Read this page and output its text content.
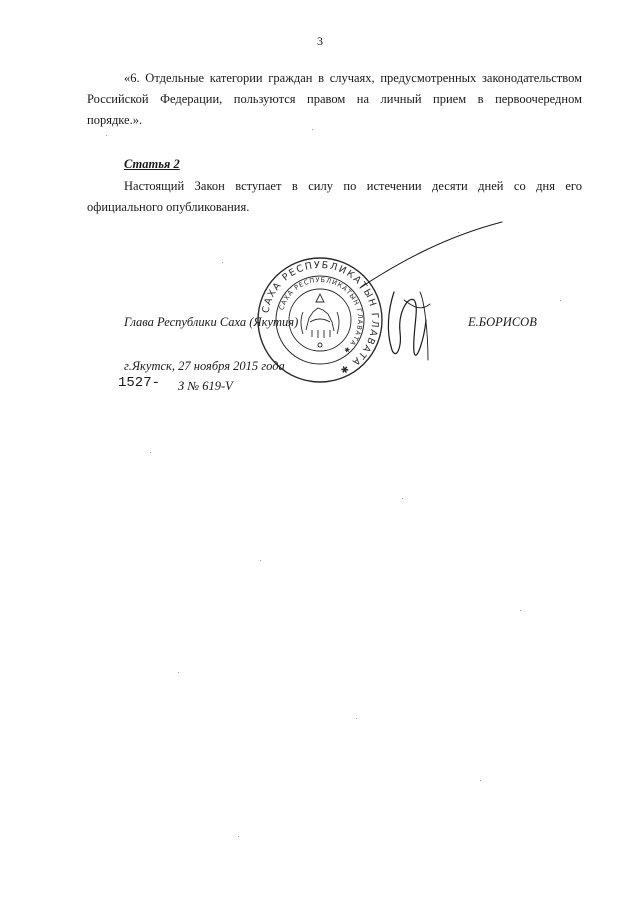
3
«6. Отдельные категории граждан в случаях, предусмотренных законодательством
Российской Федерации, пользуются правом на личный прием в первоочередном
порядке.».
Статья 2
Настоящий Закон вступает в силу по истечении десяти дней со дня его
официального опубликования.
Глава Республики Саха (Якутия)	Е.БОРИСОВ
г.Якутск, 27 ноября 2015 года
1527- З № 619-V
САХА РЕСПУБЛИКАТЫН ГЛАВАТА ✱
САХА РЕСПУБЛИКАТЫН ГЛАВАТА ✱
